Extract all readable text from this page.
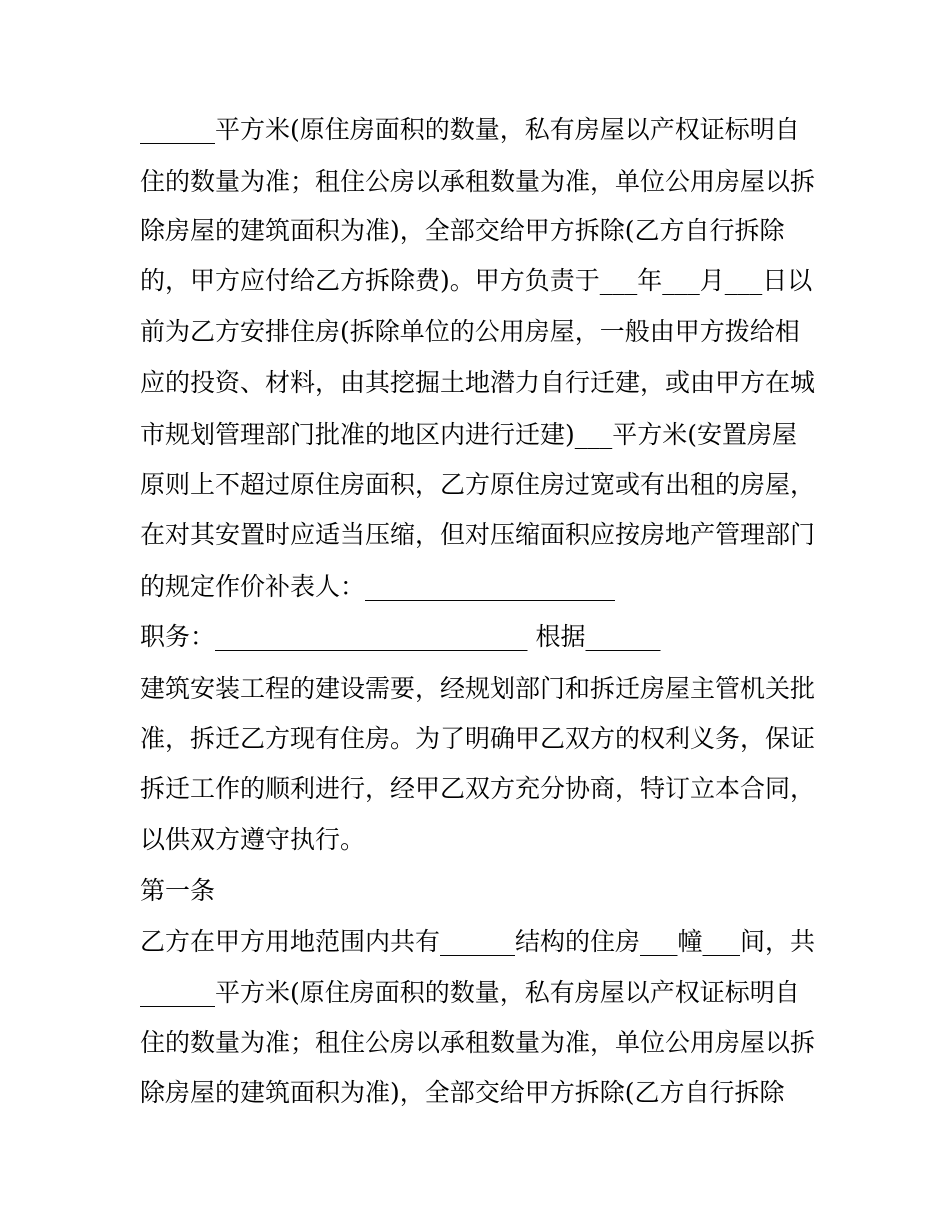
______平方米(原住房面积的数量，私有房屋以产权证标明自
住的数量为准；租住公房以承租数量为准，单位公用房屋以拆
除房屋的建筑面积为准)，全部交给甲方拆除(乙方自行拆除
的，甲方应付给乙方拆除费)。甲方负责于___年___月___日以
前为乙方安排住房(拆除单位的公用房屋，一般由甲方拨给相
应的投资、材料，由其挖掘土地潜力自行迁建，或由甲方在城
市规划管理部门批准的地区内进行迁建)___平方米(安置房屋
原则上不超过原住房面积，乙方原住房过宽或有出租的房屋，
在对其安置时应适当压缩，但对压缩面积应按房地产管理部门
的规定作价补表人：____________________
职务：_________________________ 根据______
建筑安装工程的建设需要，经规划部门和拆迁房屋主管机关批
准，拆迁乙方现有住房。为了明确甲乙双方的权利义务，保证
拆迁工作的顺利进行，经甲乙双方充分协商，特订立本合同，
以供双方遵守执行。
第一条
乙方在甲方用地范围内共有______结构的住房___幢___间，共
______平方米(原住房面积的数量，私有房屋以产权证标明自
住的数量为准；租住公房以承租数量为准，单位公用房屋以拆
除房屋的建筑面积为准)，全部交给甲方拆除(乙方自行拆除
